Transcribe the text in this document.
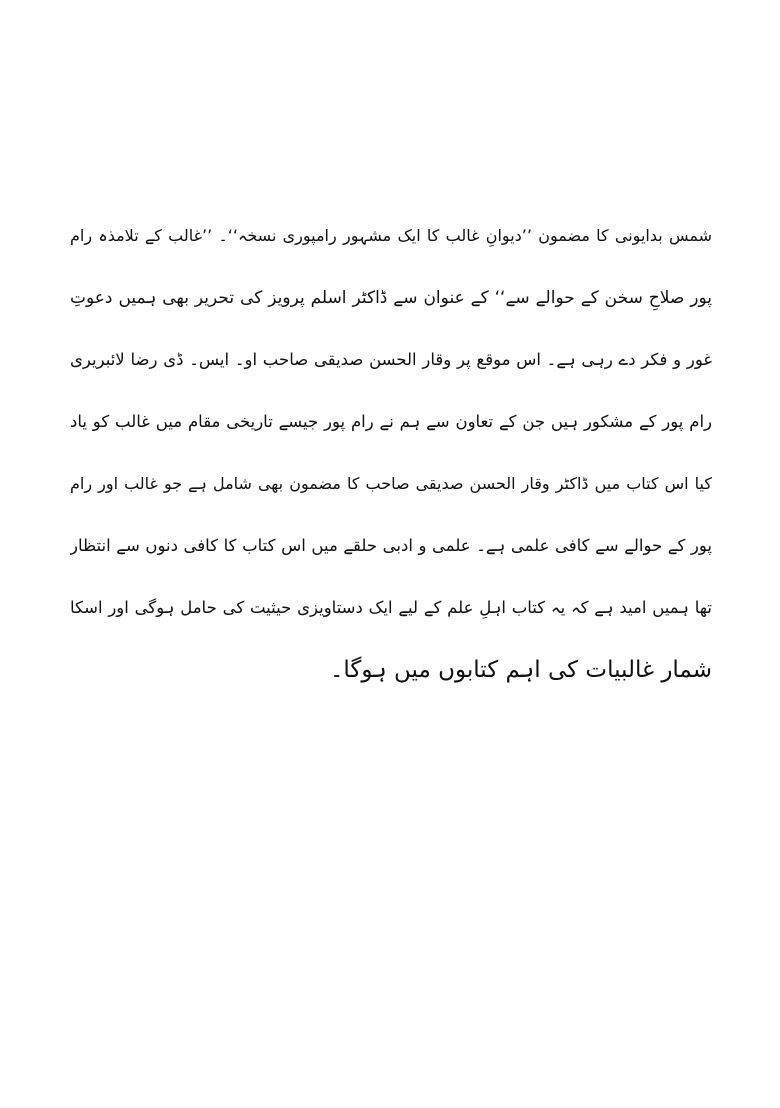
شمس بدایونی کا مضمون ’’دیوانِ غالب کا ایک مشہور رامپوری نسخہ‘‘۔ ’’غالب کے تلامذہ رام
پور صلاحِ سخن کے حوالے سے‘‘ کے عنوان سے ڈاکٹر اسلم پرویز کی تحریر بھی ہمیں دعوتِ
غور و فکر دے رہی ہے۔ اس موقع پر وقار الحسن صدیقی صاحب او۔ ایس۔ ڈی رضا لائبریری
رام پور کے مشکور ہیں جن کے تعاون سے ہم نے رام پور جیسے تاریخی مقام میں غالب کو یاد
کیا اس کتاب میں ڈاکٹر وقار الحسن صدیقی صاحب کا مضمون بھی شامل ہے جو غالب اور رام
پور کے حوالے سے کافی علمی ہے۔ علمی و ادبی حلقے میں اس کتاب کا کافی دنوں سے انتظار
تھا ہمیں امید ہے کہ یہ کتاب اہلِ علم کے لیے ایک دستاویزی حیثیت کی حامل ہوگی اور اسکا
شمار غالبیات کی اہم کتابوں میں ہوگا۔
